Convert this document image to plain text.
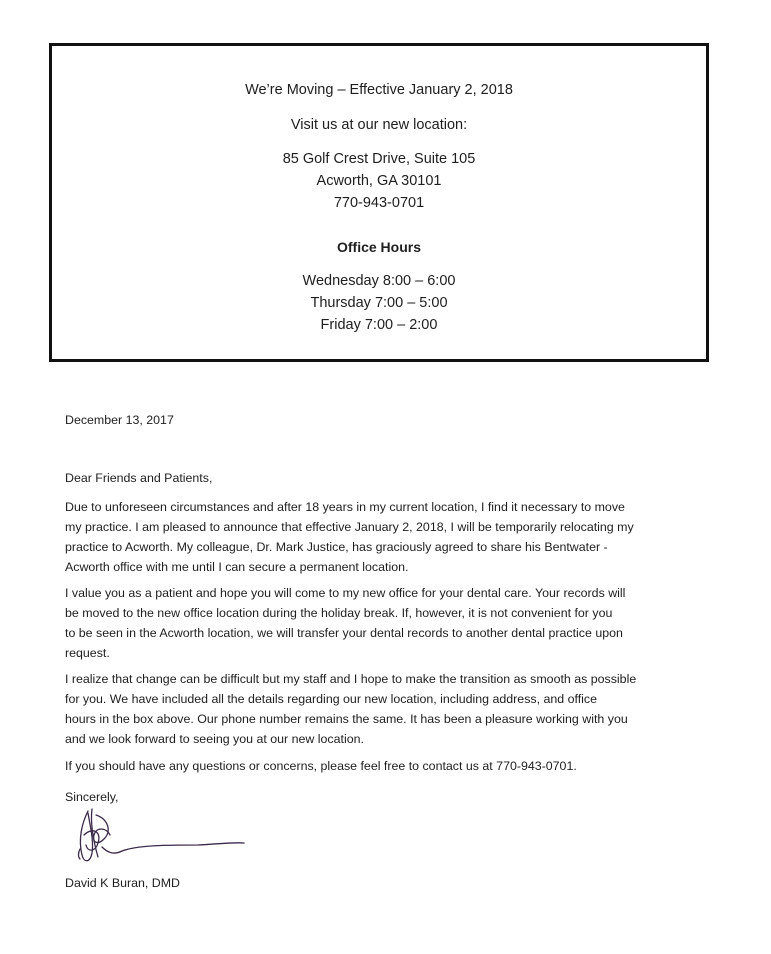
We’re Moving – Effective January 2, 2018
Visit us at our new location:
85 Golf Crest Drive, Suite 105
Acworth, GA 30101
770-943-0701
Office Hours
Wednesday 8:00 – 6:00
Thursday 7:00 – 5:00
Friday 7:00 – 2:00
December 13, 2017
Dear Friends and Patients,

Due to unforeseen circumstances and after 18 years in my current location, I find it necessary to move

my practice. I am pleased to announce that effective January 2, 2018, I will be temporarily relocating my

practice to Acworth. My colleague, Dr. Mark Justice, has graciously agreed to share his Bentwater -

Acworth office with me until I can secure a permanent location.

I value you as a patient and hope you will come to my new office for your dental care. Your records will

be moved to the new office location during the holiday break. If, however, it is not convenient for you

to be seen in the Acworth location, we will transfer your dental records to another dental practice upon

request.

I realize that change can be difficult but my staff and I hope to make the transition as smooth as possible

for you. We have included all the details regarding our new location, including address, and office

hours in the box above. Our phone number remains the same. It has been a pleasure working with you

and we look forward to seeing you at our new location.

If you should have any questions or concerns, please feel free to contact us at 770-943-0701.

Sincerely,
David K Buran, DMD
